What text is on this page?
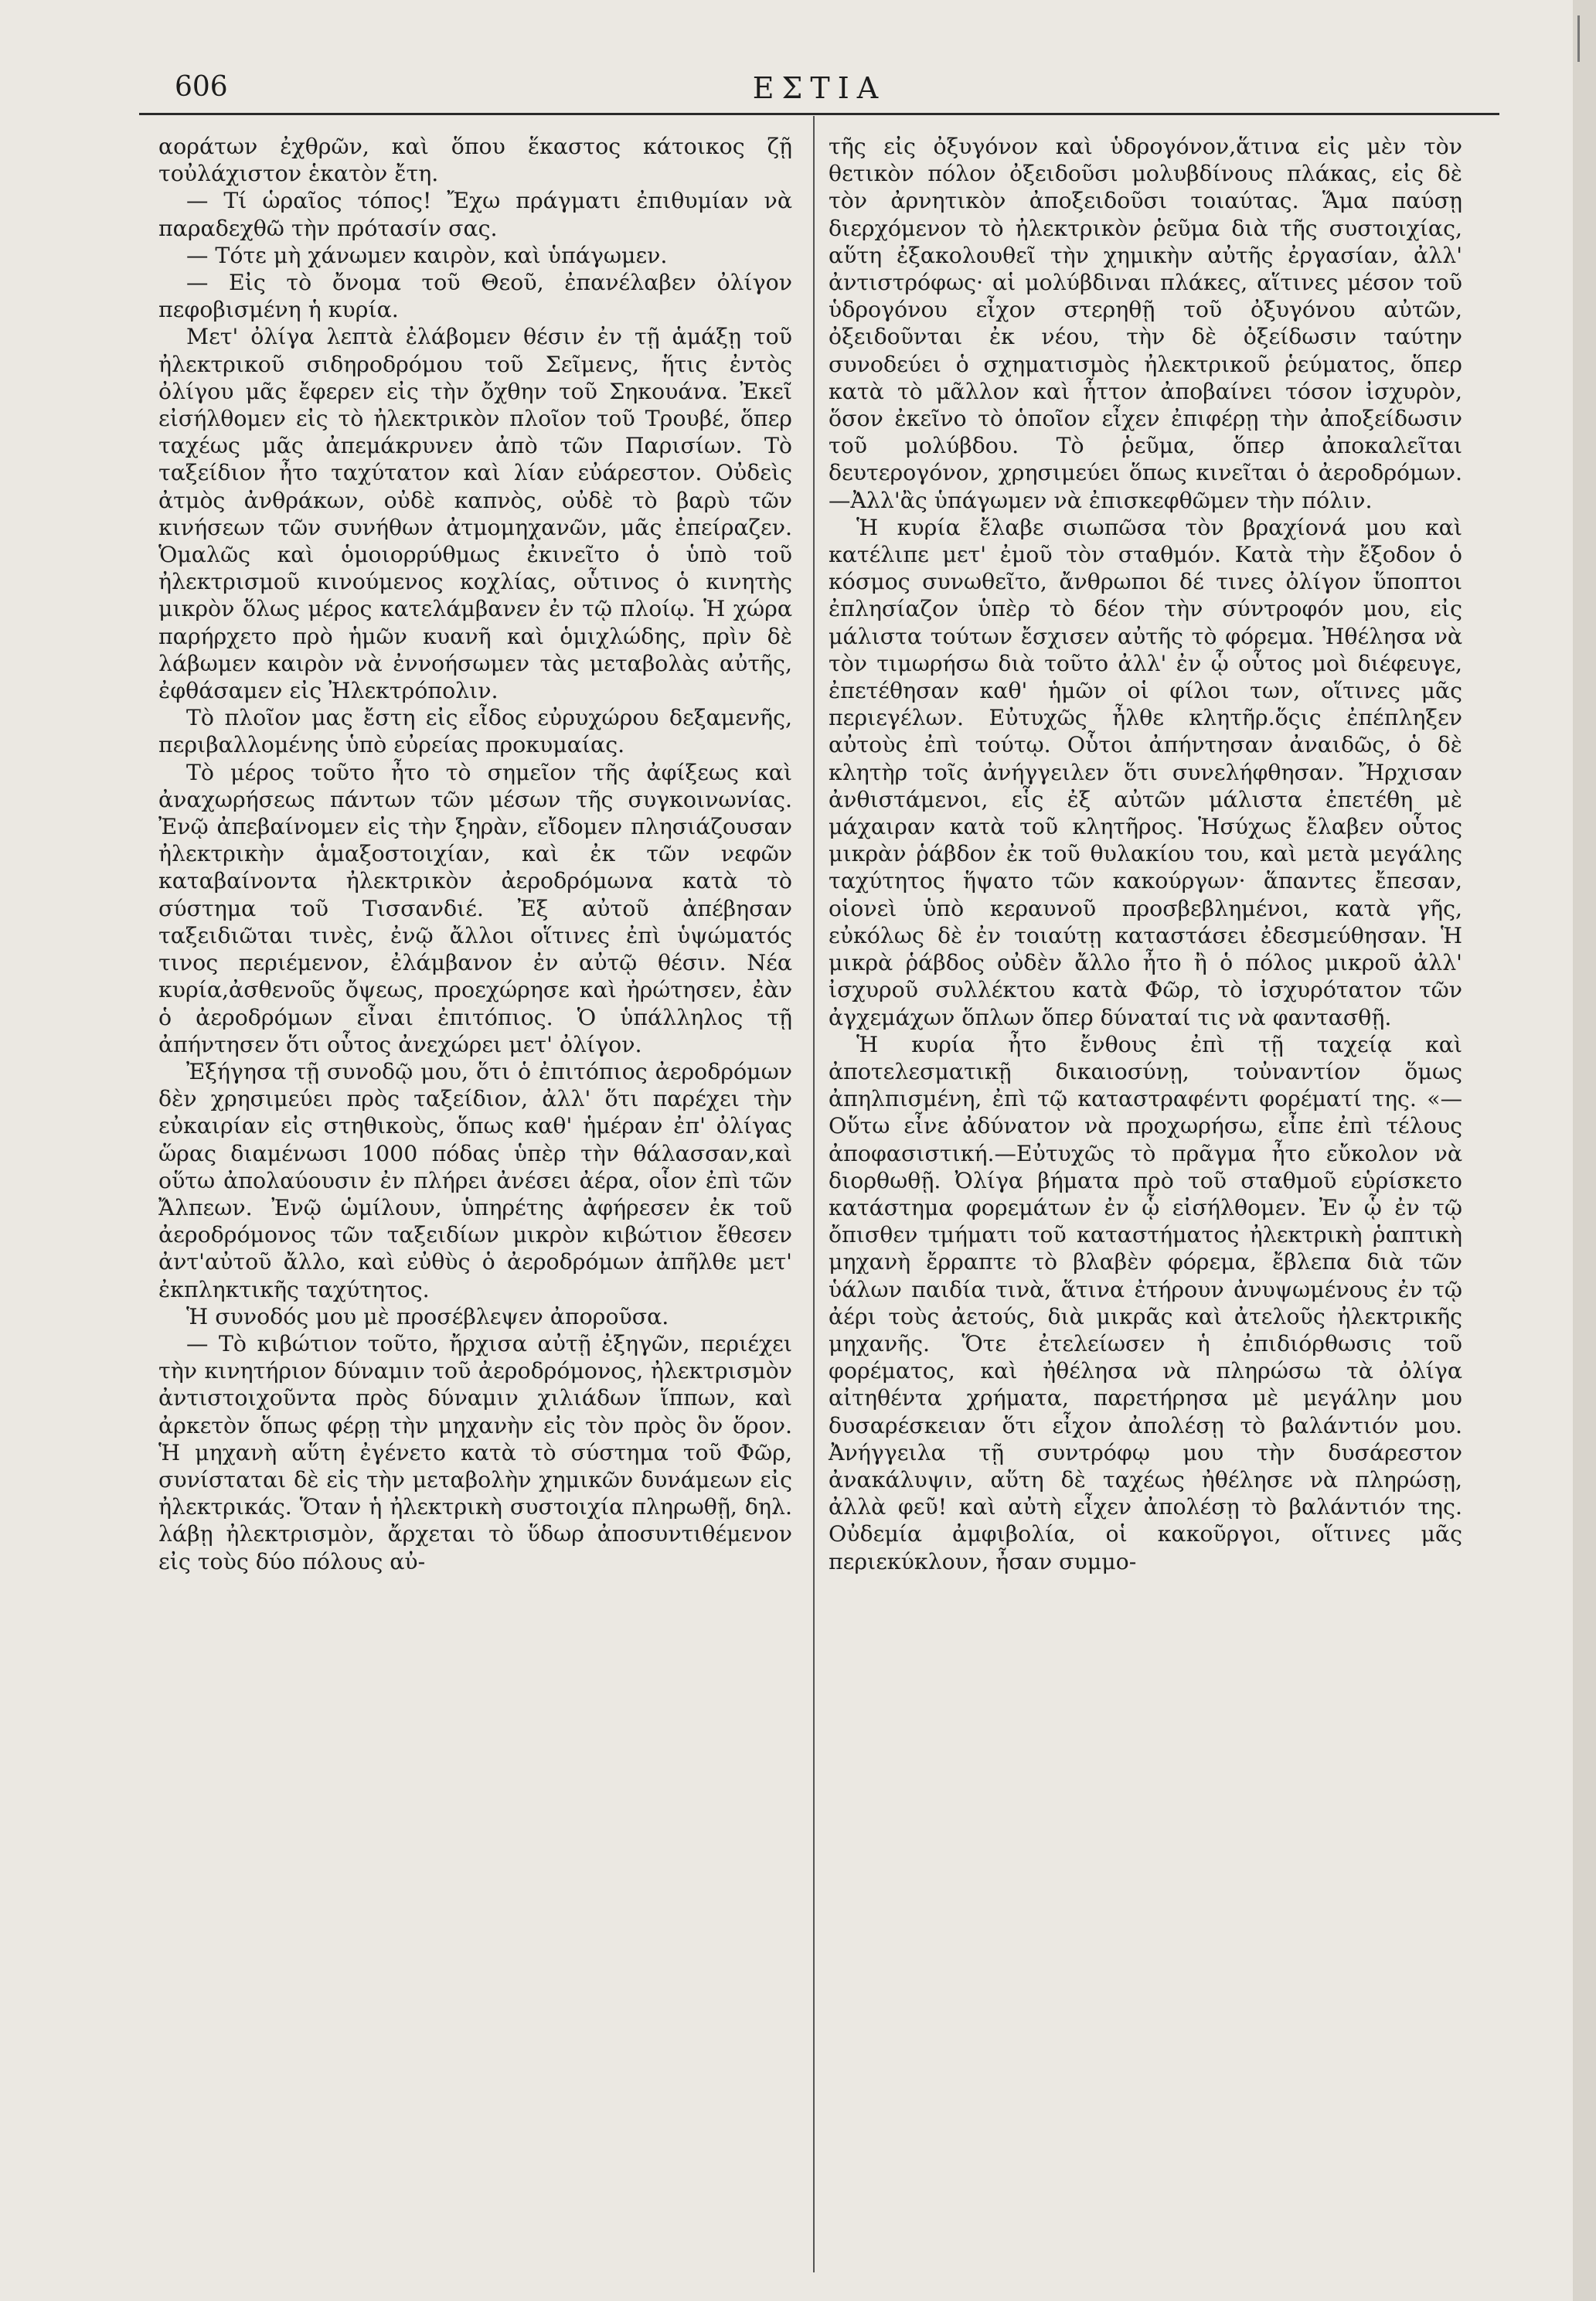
606	ΕΣΤΙΑ

αοράτων ἐχθρῶν, καὶ ὅπου ἕκαστος κάτοικος ζῇ τοὐλάχιστον ἑκατὸν ἔτη.

— Τί ὡραῖος τόπος! Ἔχω πράγματι ἐπιθυμίαν νὰ παραδεχθῶ τὴν πρότασίν σας.

— Τότε μὴ χάνωμεν καιρὸν, καὶ ὑπάγωμεν.

— Εἰς τὸ ὄνομα τοῦ Θεοῦ, ἐπανέλαβεν ὀλίγον πεφοβισμένη ἡ κυρία.

Μετ' ὀλίγα λεπτὰ ἐλάβομεν θέσιν ἐν τῇ ἁμάξῃ τοῦ ἠλεκτρικοῦ σιδηροδρόμου τοῦ Σεῖμενς, ἥτις ἐντὸς ὀλίγου μᾶς ἔφερεν εἰς τὴν ὄχθην τοῦ Σηκουάνα. Ἐκεῖ εἰσήλθομεν εἰς τὸ ἠλεκτρικὸν πλοῖον τοῦ Τρουβέ, ὅπερ ταχέως μᾶς ἀπεμάκρυνεν ἀπὸ τῶν Παρισίων. Τὸ ταξείδιον ἦτο ταχύτατον καὶ λίαν εὐάρεστον. Οὐδεὶς ἀτμὸς ἀνθράκων, οὐδὲ καπνὸς, οὐδὲ τὸ βαρὺ τῶν κινήσεων τῶν συνήθων ἀτμομηχανῶν, μᾶς ἐπείραζεν. Ὁμαλῶς καὶ ὁμοιορρύθμως ἐκινεῖτο ὁ ὑπὸ τοῦ ἠλεκτρισμοῦ κινούμενος κοχλίας, οὗτινος ὁ κινητὴς μικρὸν ὅλως μέρος κατελάμβανεν ἐν τῷ πλοίῳ. Ἡ χώρα παρήρχετο πρὸ ἡμῶν κυανῆ καὶ ὁμιχλώδης, πρὶν δὲ λάβωμεν καιρὸν νὰ ἐννοήσωμεν τὰς μεταβολὰς αὐτῆς, ἐφθάσαμεν εἰς Ἠλεκτρόπολιν.

Τὸ πλοῖον μας ἔστη εἰς εἶδος εὐρυχώρου δεξαμενῆς, περιβαλλομένης ὑπὸ εὐρείας προκυμαίας.

Τὸ μέρος τοῦτο ἦτο τὸ σημεῖον τῆς ἀφίξεως καὶ ἀναχωρήσεως πάντων τῶν μέσων τῆς συγκοινωνίας. Ἐνῷ ἀπεβαίνομεν εἰς τὴν ξηρὰν, εἴδομεν πλησιάζουσαν ἠλεκτρικὴν ἁμαξοστοιχίαν, καὶ ἐκ τῶν νεφῶν καταβαίνοντα ἠλεκτρικὸν ἀεροδρόμωνα κατὰ τὸ σύστημα τοῦ Τισσανδιέ. Ἐξ αὐτοῦ ἀπέβησαν ταξειδιῶται τινὲς, ἐνῷ ἄλλοι οἵτινες ἐπὶ ὑψώματός τινος περιέμενον, ἐλάμβανον ἐν αὐτῷ θέσιν. Νέα κυρία,ἀσθενοῦς ὄψεως, προεχώρησε καὶ ἠρώτησεν, ἐὰν ὁ ἀεροδρόμων εἶναι ἐπιτόπιος. Ὁ ὑπάλληλος τῇ ἀπήντησεν ὅτι οὗτος ἀνεχώρει μετ' ὀλίγον.

Ἐξήγησα τῇ συνοδῷ μου, ὅτι ὁ ἐπιτόπιος ἀεροδρόμων δὲν χρησιμεύει πρὸς ταξείδιον, ἀλλ' ὅτι παρέχει τὴν εὐκαιρίαν εἰς στηθικοὺς, ὅπως καθ' ἡμέραν ἐπ' ὀλίγας ὥρας διαμένωσι 1000 πόδας ὑπὲρ τὴν θάλασσαν,καὶ οὕτω ἀπολαύουσιν ἐν πλήρει ἀνέσει ἀέρα, οἷον ἐπὶ τῶν Ἄλπεων. Ἐνῷ ὡμίλουν, ὑπηρέτης ἀφήρεσεν ἐκ τοῦ ἀεροδρόμονος τῶν ταξειδίων μικρὸν κιβώτιον ἔθεσεν ἀντ'αὐτοῦ ἄλλο, καὶ εὐθὺς ὁ ἀεροδρόμων ἀπῆλθε μετ' ἐκπληκτικῆς ταχύτητος.

Ἡ συνοδός μου μὲ προσέβλεψεν ἀποροῦσα.

— Τὸ κιβώτιον τοῦτο, ἤρχισα αὐτῇ ἐξηγῶν, περιέχει τὴν κινητήριον δύναμιν τοῦ ἀεροδρόμονος, ἠλεκτρισμὸν ἀντιστοιχοῦντα πρὸς δύναμιν χιλιάδων ἵππων, καὶ ἀρκετὸν ὅπως φέρῃ τὴν μηχανὴν εἰς τὸν πρὸς ὃν ὅρον. Ἡ μηχανὴ αὕτη ἐγένετο κατὰ τὸ σύστημα τοῦ Φῶρ, συνίσταται δὲ εἰς τὴν μεταβολὴν χημικῶν δυνάμεων εἰς ἠλεκτρικάς. Ὅταν ἡ ἠλεκτρικὴ συστοιχία πληρωθῇ, δηλ. λάβῃ ἠλεκτρισμὸν, ἄρχεται τὸ ὕδωρ ἀποσυντιθέμενον εἰς τοὺς δύο πόλους αὐ-

τῆς εἰς ὀξυγόνον καὶ ὑδρογόνον,ἅτινα εἰς μὲν τὸν θετικὸν πόλον ὀξειδοῦσι μολυβδίνους πλάκας, εἰς δὲ τὸν ἀρνητικὸν ἀποξειδοῦσι τοιαύτας. Ἅμα παύσῃ διερχόμενον τὸ ἠλεκτρικὸν ῥεῦμα διὰ τῆς συστοιχίας, αὕτη ἐξακολουθεῖ τὴν χημικὴν αὐτῆς ἐργασίαν, ἀλλ' ἀντιστρόφως· αἱ μολύβδιναι πλάκες, αἵτινες μέσον τοῦ ὑδρογόνου εἶχον στερηθῇ τοῦ ὀξυγόνου αὐτῶν, ὀξειδοῦνται ἐκ νέου, τὴν δὲ ὀξείδωσιν ταύτην συνοδεύει ὁ σχηματισμὸς ἠλεκτρικοῦ ῥεύματος, ὅπερ κατὰ τὸ μᾶλλον καὶ ἧττον ἀποβαίνει τόσον ἰσχυρὸν, ὅσον ἐκεῖνο τὸ ὁποῖον εἶχεν ἐπιφέρῃ τὴν ἀποξείδωσιν τοῦ μολύβδου. Τὸ ῥεῦμα, ὅπερ ἀποκαλεῖται δευτερογόνον, χρησιμεύει ὅπως κινεῖται ὁ ἀεροδρόμων.—Ἀλλ'ἂς ὑπάγωμεν νὰ ἐπισκεφθῶμεν τὴν πόλιν.

Ἡ κυρία ἔλαβε σιωπῶσα τὸν βραχίονά μου καὶ κατέλιπε μετ' ἐμοῦ τὸν σταθμόν. Κατὰ τὴν ἔξοδον ὁ κόσμος συνωθεῖτο, ἄνθρωποι δέ τινες ὀλίγον ὕποπτοι ἐπλησίαζον ὑπὲρ τὸ δέον τὴν σύντροφόν μου, εἰς μάλιστα τούτων ἔσχισεν αὐτῆς τὸ φόρεμα. Ἠθέλησα νὰ τὸν τιμωρήσω διὰ τοῦτο ἀλλ' ἐν ᾧ οὗτος μοὶ διέφευγε, ἐπετέθησαν καθ' ἡμῶν οἱ φίλοι των, οἵτινες μᾶς περιεγέλων. Εὐτυχῶς ἦλθε κλητῆρ.ὅςις ἐπέπληξεν αὐτοὺς ἐπὶ τούτῳ. Οὗτοι ἀπήντησαν ἀναιδῶς, ὁ δὲ κλητὴρ τοῖς ἀνήγγειλεν ὅτι συνελήφθησαν. Ἤρχισαν ἀνθιστάμενοι, εἷς ἐξ αὐτῶν μάλιστα ἐπετέθη μὲ μάχαιραν κατὰ τοῦ κλητῆρος. Ἡσύχως ἔλαβεν οὗτος μικρὰν ῥάβδον ἐκ τοῦ θυλακίου του, καὶ μετὰ μεγάλης ταχύτητος ἥψατο τῶν κακούργων· ἅπαντες ἔπεσαν, οἱονεὶ ὑπὸ κεραυνοῦ προσβεβλημένοι, κατὰ γῆς, εὐκόλως δὲ ἐν τοιαύτῃ καταστάσει ἐδεσμεύθησαν. Ἡ μικρὰ ῥάβδος οὐδὲν ἄλλο ἦτο ἢ ὁ πόλος μικροῦ ἀλλ' ἰσχυροῦ συλλέκτου κατὰ Φῶρ, τὸ ἰσχυρότατον τῶν ἀγχεμάχων ὅπλων ὅπερ δύναταί τις νὰ φαντασθῇ.

Ἡ κυρία ἦτο ἔνθους ἐπὶ τῇ ταχείᾳ καὶ ἀποτελεσματικῇ δικαιοσύνῃ, τοὐναντίον ὅμως ἀπηλπισμένη, ἐπὶ τῷ καταστραφέντι φορέματί της. «—Οὕτω εἶνε ἀδύνατον νὰ προχωρήσω, εἶπε ἐπὶ τέλους ἀποφασιστική.—Εὐτυχῶς τὸ πρᾶγμα ἦτο εὔκολον νὰ διορθωθῇ. Ὀλίγα βήματα πρὸ τοῦ σταθμοῦ εὑρίσκετο κατάστημα φορεμάτων ἐν ᾧ εἰσήλθομεν. Ἐν ᾧ ἐν τῷ ὄπισθεν τμήματι τοῦ καταστήματος ἠλεκτρικὴ ῥαπτικὴ μηχανὴ ἔρραπτε τὸ βλαβὲν φόρεμα, ἔβλεπα διὰ τῶν ὑάλων παιδία τινὰ, ἅτινα ἐτήρουν ἀνυψωμένους ἐν τῷ ἀέρι τοὺς ἀετούς, διὰ μικρᾶς καὶ ἀτελοῦς ἠλεκτρικῆς μηχανῆς. Ὅτε ἐτελείωσεν ἡ ἐπιδιόρθωσις τοῦ φορέματος, καὶ ἠθέλησα νὰ πληρώσω τὰ ὀλίγα αἰτηθέντα χρήματα, παρετήρησα μὲ μεγάλην μου δυσαρέσκειαν ὅτι εἶχον ἀπολέσῃ τὸ βαλάντιόν μου. Ἀνήγγειλα τῇ συντρόφῳ μου τὴν δυσάρεστον ἀνακάλυψιν, αὕτη δὲ ταχέως ἠθέλησε νὰ πληρώσῃ, ἀλλὰ φεῦ! καὶ αὐτὴ εἶχεν ἀπολέσῃ τὸ βαλάντιόν της. Οὐδεμία ἀμφιβολία, οἱ κακοῦργοι, οἵτινες μᾶς περιεκύκλουν, ἦσαν συμμο-
